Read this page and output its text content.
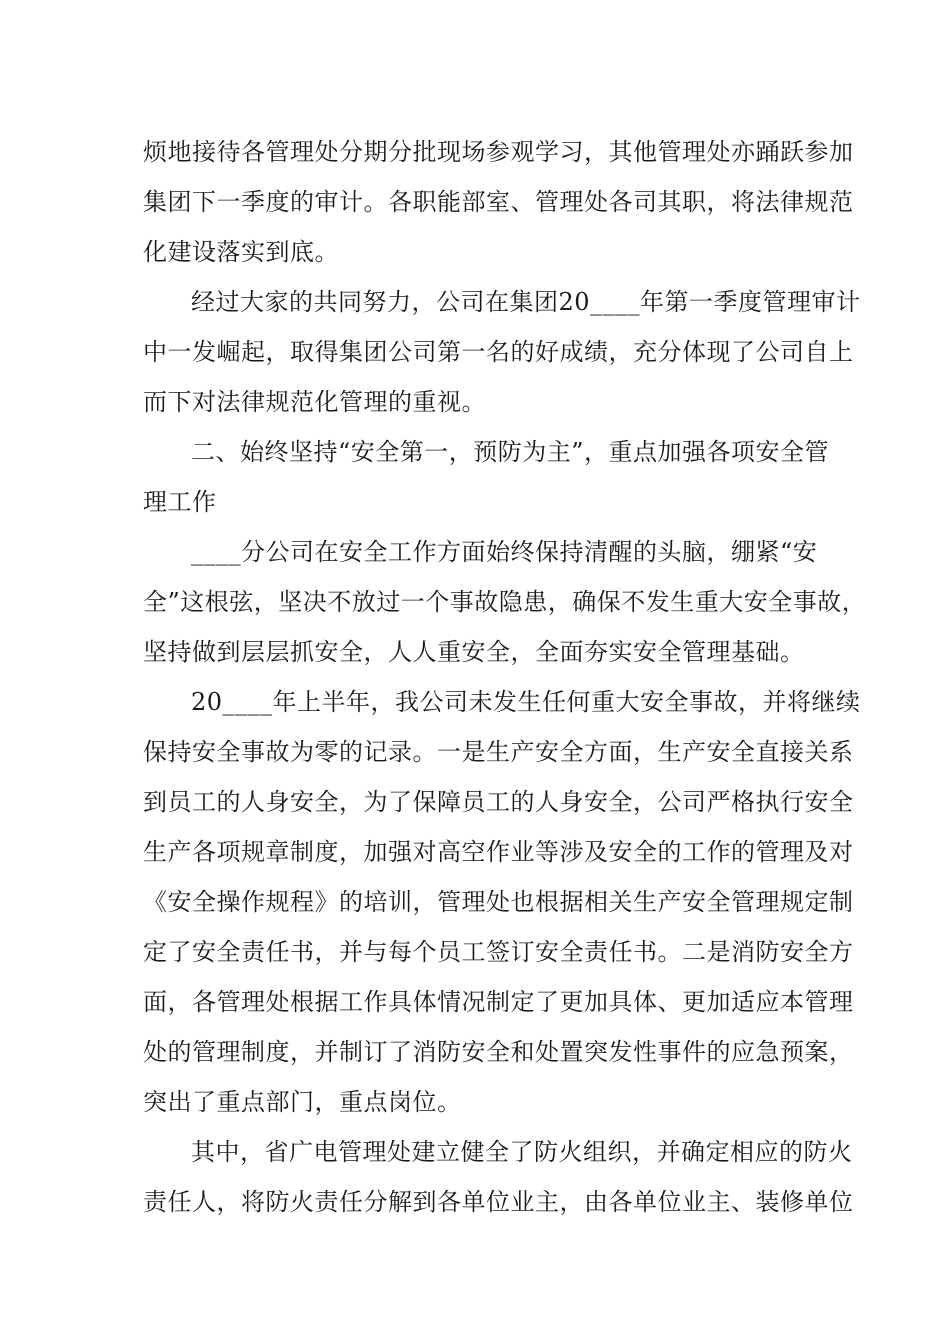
烦地接待各管理处分期分批现场参观学习，其他管理处亦踊跃参加
集团下一季度的审计。各职能部室、管理处各司其职，将法律规范
化建设落实到底。
经过大家的共同努力，公司在集团20____年第一季度管理审计
中一发崛起，取得集团公司第一名的好成绩，充分体现了公司自上
而下对法律规范化管理的重视。
二、始终坚持“安全第一，预防为主”，重点加强各项安全管
理工作
____分公司在安全工作方面始终保持清醒的头脑，绷紧“安
全”这根弦，坚决不放过一个事故隐患，确保不发生重大安全事故，
坚持做到层层抓安全，人人重安全，全面夯实安全管理基础。
20____年上半年，我公司未发生任何重大安全事故，并将继续
保持安全事故为零的记录。一是生产安全方面，生产安全直接关系
到员工的人身安全，为了保障员工的人身安全，公司严格执行安全
生产各项规章制度，加强对高空作业等涉及安全的工作的管理及对
《安全操作规程》的培训，管理处也根据相关生产安全管理规定制
定了安全责任书，并与每个员工签订安全责任书。二是消防安全方
面，各管理处根据工作具体情况制定了更加具体、更加适应本管理
处的管理制度，并制订了消防安全和处置突发性事件的应急预案，
突出了重点部门，重点岗位。
其中，省广电管理处建立健全了防火组织，并确定相应的防火
责任人，将防火责任分解到各单位业主，由各单位业主、装修单位
